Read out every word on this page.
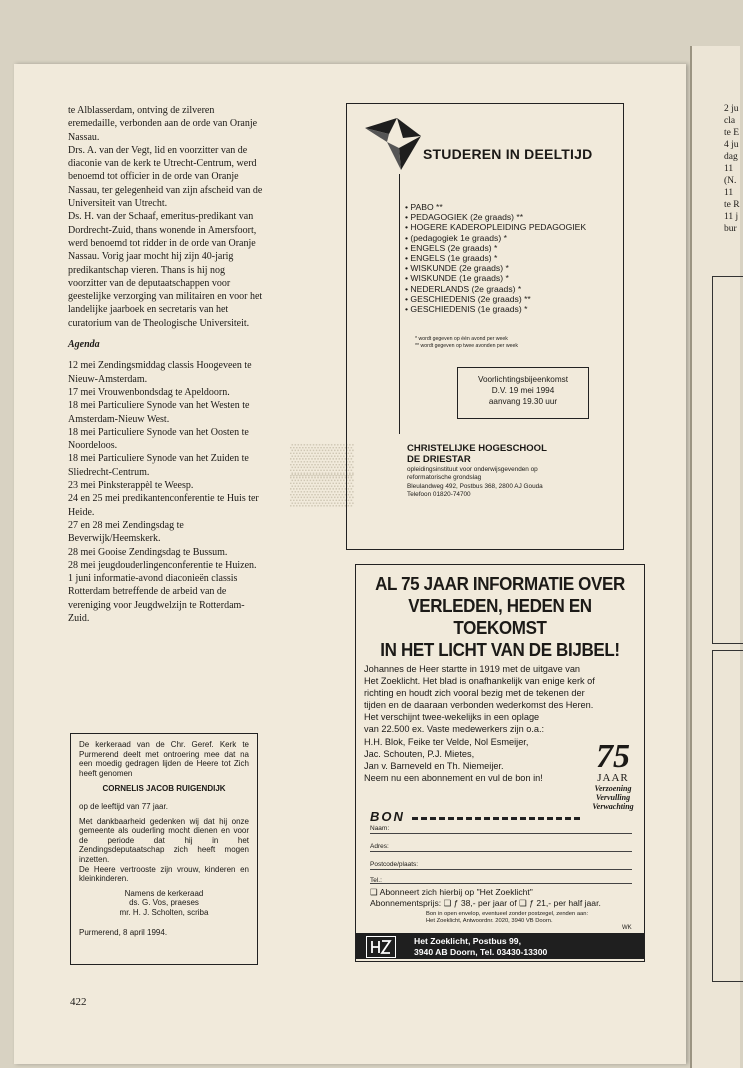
▒▒▒
▒▒▒

te Alblasserdam, ontving de zilveren eremedaille, verbonden aan de orde van Oranje Nassau.

Drs. A. van der Vegt, lid en voorzitter van de diaconie van de kerk te Utrecht-Centrum, werd benoemd tot officier in de orde van Oranje Nassau, ter gelegenheid van zijn afscheid van de Universiteit van Utrecht.

Ds. H. van der Schaaf, emeritus-predikant van Dordrecht-Zuid, thans wonende in Amersfoort, werd benoemd tot ridder in de orde van Oranje Nassau. Vorig jaar mocht hij zijn 40-jarig predikantschap vieren. Thans is hij nog voorzitter van de deputaatschappen voor geestelijke verzorging van militairen en voor het landelijke jaarboek en secretaris van het curatorium van de Theologische Universiteit.

Agenda

12 mei Zendingsmiddag classis Hoogeveen te Nieuw-Amsterdam.

17 mei Vrouwenbondsdag te Apeldoorn.

18 mei Particuliere Synode van het Westen te Amsterdam-Nieuw West.

18 mei Particuliere Synode van het Oosten te Noordeloos.

18 mei Particuliere Synode van het Zuiden te Sliedrecht-Centrum.

23 mei Pinksterappèl te Weesp.

24 en 25 mei predikantenconferentie te Huis ter Heide.

27 en 28 mei Zendingsdag te Beverwijk/Heemskerk.

28 mei Gooise Zendingsdag te Bussum.

28 mei jeugdouderlingenconferentie te Huizen.

1 juni informatie-avond diaconieën classis Rotterdam betreffende de arbeid van de vereniging voor Jeugdwelzijn te Rotterdam-Zuid.

De kerkeraad van de Chr. Geref. Kerk te Purmerend deelt met ontroering mee dat na een moedig gedragen lijden de Heere tot Zich heeft genomen

CORNELIS JACOB RUIGENDIJK

op de leeftijd van 77 jaar.

Met dankbaarheid gedenken wij dat hij onze gemeente als ouderling mocht dienen en voor de periode dat hij in het Zendingsdeputaatschap zich heeft mogen inzetten.

De Heere vertrooste zijn vrouw, kinderen en kleinkinderen.

Namens de kerkeraad
ds. G. Vos, praeses
mr. H. J. Scholten, scriba

Purmerend, 8 april 1994.

422
STUDEREN IN DEELTIJD
• PABO **
• PEDAGOGIEK (2e graads) **
• HOGERE KADEROPLEIDING PEDAGOGIEK
• (pedagogiek 1e graads) *
• ENGELS (2e graads) *
• ENGELS (1e graads) *
• WISKUNDE (2e graads) *
• WISKUNDE (1e graads) *
• NEDERLANDS (2e graads) *
• GESCHIEDENIS (2e graads) **
• GESCHIEDENIS (1e graads) *
* wordt gegeven op één avond per week
** wordt gegeven op twee avonden per week
Voorlichtingsbijeenkomst
D.V. 19 mei 1994
aanvang 19.30 uur
CHRISTELIJKE HOGESCHOOL
DE DRIESTAR
opleidingsinstituut voor onderwijsgevenden op
reformatorische grondslag
Bleulandweg 492, Postbus 368, 2800 AJ Gouda
Telefoon 01820-74700
AL 75 JAAR INFORMATIE OVER
VERLEDEN, HEDEN EN TOEKOMST
IN HET LICHT VAN DE BIJBEL!
Johannes de Heer startte in 1919 met de uitgave van
Het Zoeklicht. Het blad is onafhankelijk van enige kerk of
richting en houdt zich vooral bezig met de tekenen der
tijden en de daaraan verbonden wederkomst des Heren.
Het verschijnt twee-wekelijks in een oplage
van 22.500 ex. Vaste medewerkers zijn o.a.:
H.H. Blok, Feike ter Velde, Nol Esmeijer,
Jac. Schouten, P.J. Mietes,
Jan v. Barneveld en Th. Niemeijer.
Neem nu een abonnement en vul de bon in!
75
JAAR
Verzoening
Vervulling
Verwachting
BON
Naam:
Adres:
Postcode/plaats:
Tel.:
❑ Abonneert zich hierbij op "Het Zoeklicht"
Abonnementsprijs: ❑ ƒ 38,- per jaar of ❑ ƒ 21,- per half jaar.
Bon in open envelop, eventueel zonder postzegel, zenden aan:
Het Zoeklicht, Antwoordnr. 2020, 3940 VB Doorn.
WK
Het Zoeklicht, Postbus 99,
3940 AB Doorn, Tel. 03430-13300
2 ju
cla
te E
4 ju
dag
11
(N.
11
te R
11 j
bur
